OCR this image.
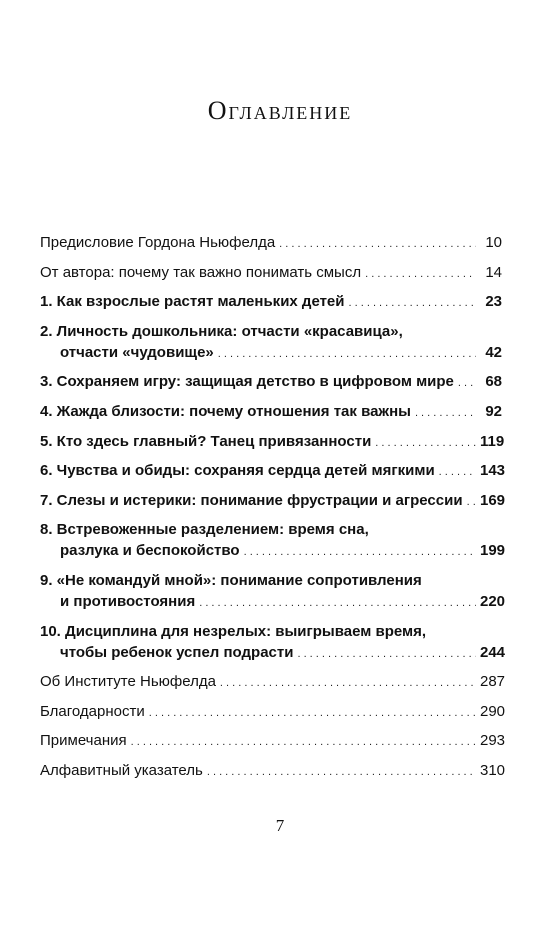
Оглавление
Предисловие Гордона Ньюфелда . . .	10
От автора: почему так важно понимать смысл . . .	14
1. Как взрослые растят маленьких детей . . .	23
2. Личность дошкольника: отчасти «красавица»,
отчасти «чудовище» . . .	42
3. Сохраняем игру: защищая детство в цифровом мире . . .	68
4. Жажда близости: почему отношения так важны . . .	92
5. Кто здесь главный? Танец привязанности . . .	119
6. Чувства и обиды: сохраняя сердца детей мягкими . . .	143
7. Слезы и истерики: понимание фрустрации и агрессии . . . 169
8. Встревоженные разделением: время сна,
разлука и беспокойство . . .	199
9. «Не командуй мной»: понимание сопротивления
и противостояния . . .	220
10. Дисциплина для незрелых: выигрываем время,
чтобы ребенок успел подрасти . . .	244
Об Институте Ньюфелда . . .	287
Благодарности . . .	290
Примечания . . .	293
Алфавитный указатель . . .	310
7
